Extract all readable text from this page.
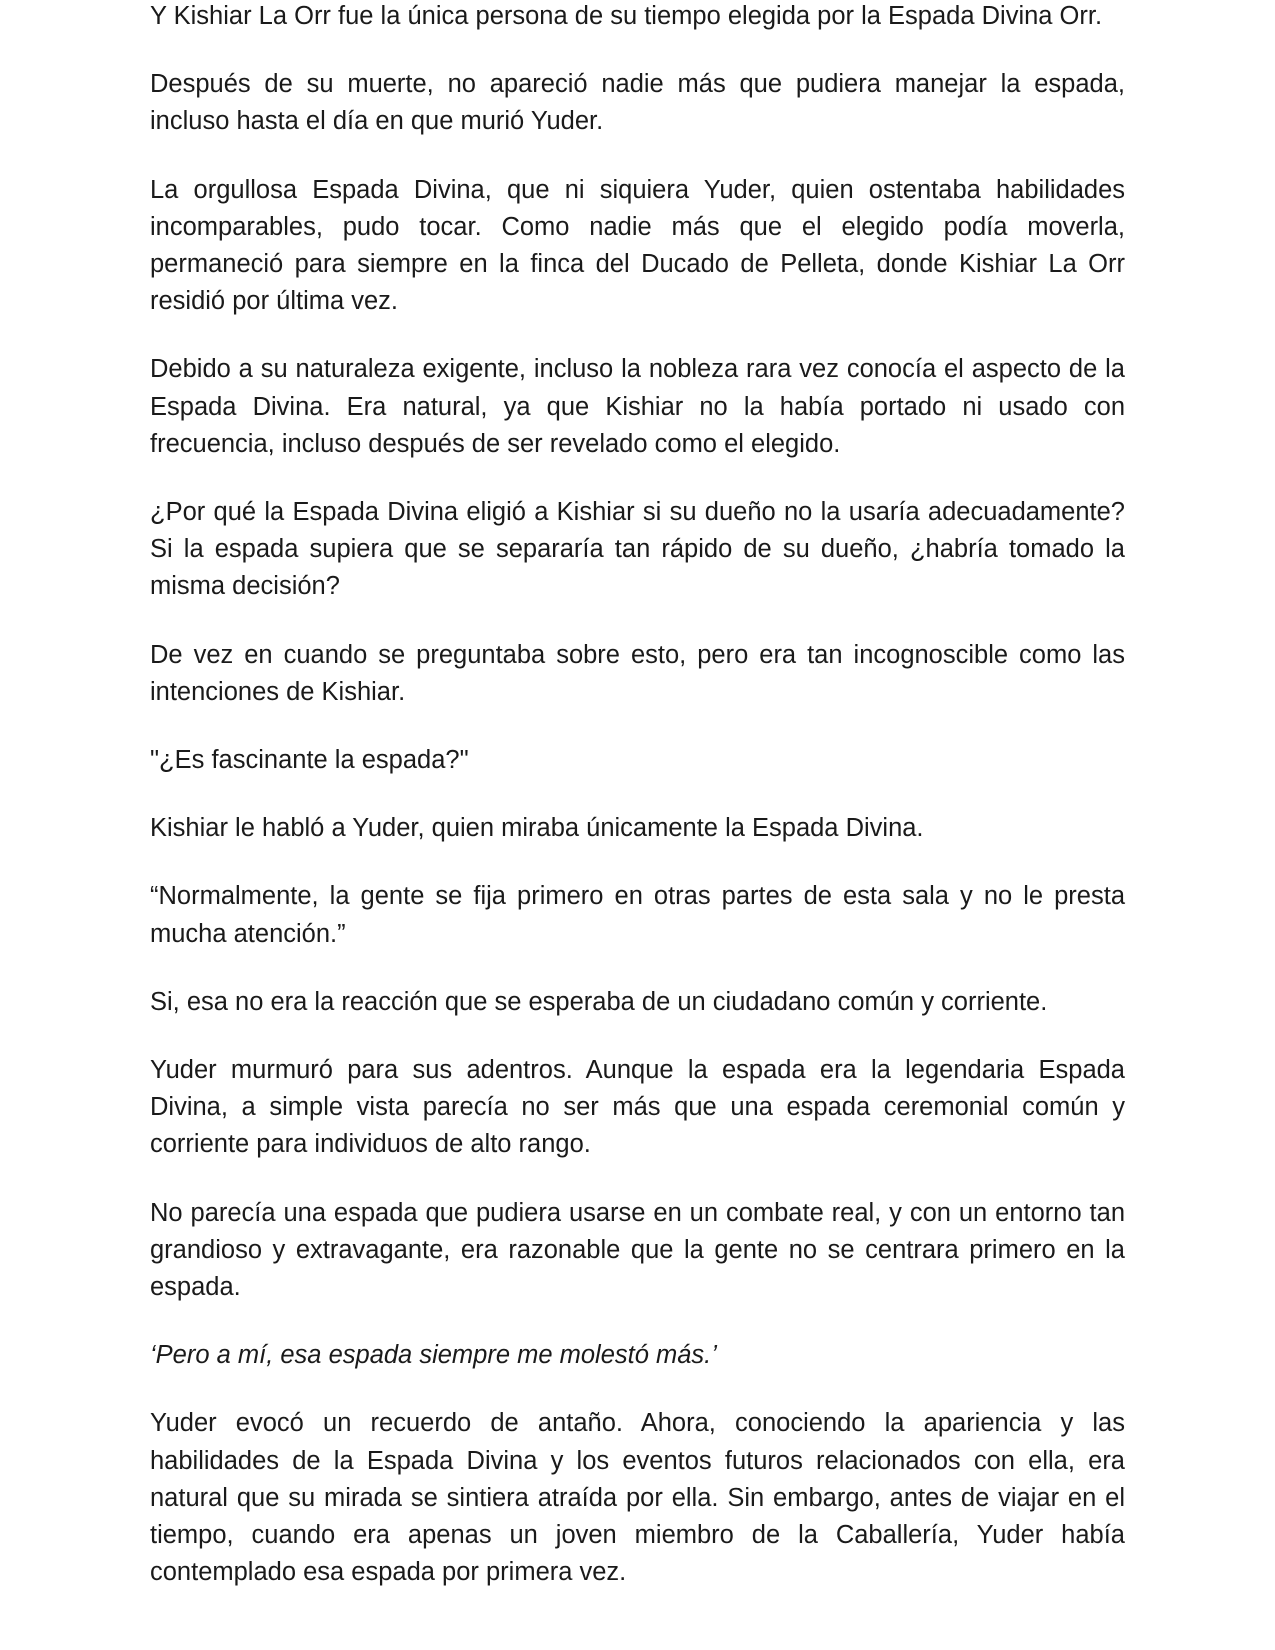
Y Kishiar La Orr fue la única persona de su tiempo elegida por la Espada Divina Orr.

Después de su muerte, no apareció nadie más que pudiera manejar la espada, incluso hasta el día en que murió Yuder.

La orgullosa Espada Divina, que ni siquiera Yuder, quien ostentaba habilidades incomparables, pudo tocar. Como nadie más que el elegido podía moverla, permaneció para siempre en la finca del Ducado de Pelleta, donde Kishiar La Orr residió por última vez.

Debido a su naturaleza exigente, incluso la nobleza rara vez conocía el aspecto de la Espada Divina. Era natural, ya que Kishiar no la había portado ni usado con frecuencia, incluso después de ser revelado como el elegido.

¿Por qué la Espada Divina eligió a Kishiar si su dueño no la usaría adecuadamente? Si la espada supiera que se separaría tan rápido de su dueño, ¿habría tomado la misma decisión?

De vez en cuando se preguntaba sobre esto, pero era tan incognoscible como las intenciones de Kishiar.

"¿Es fascinante la espada?"

Kishiar le habló a Yuder, quien miraba únicamente la Espada Divina.

“Normalmente, la gente se fija primero en otras partes de esta sala y no le presta mucha atención.”

Si, esa no era la reacción que se esperaba de un ciudadano común y corriente.

Yuder murmuró para sus adentros. Aunque la espada era la legendaria Espada Divina, a simple vista parecía no ser más que una espada ceremonial común y corriente para individuos de alto rango.

No parecía una espada que pudiera usarse en un combate real, y con un entorno tan grandioso y extravagante, era razonable que la gente no se centrara primero en la espada.

‘Pero a mí, esa espada siempre me molestó más.’

Yuder evocó un recuerdo de antaño. Ahora, conociendo la apariencia y las habilidades de la Espada Divina y los eventos futuros relacionados con ella, era natural que su mirada se sintiera atraída por ella. Sin embargo, antes de viajar en el tiempo, cuando era apenas un joven miembro de la Caballería, Yuder había contemplado esa espada por primera vez.
